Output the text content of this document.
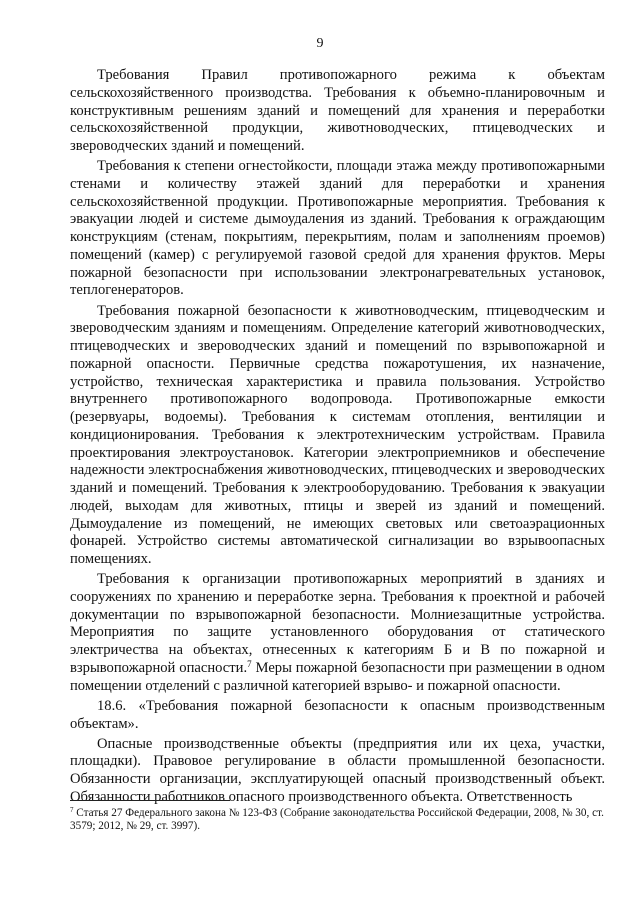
9

Требования Правил противопожарного режима к объектам сельскохозяйственного производства. Требования к объемно-планировочным и конструктивным решениям зданий и помещений для хранения и переработки сельскохозяйственной продукции, животноводческих, птицеводческих и звероводческих зданий и помещений.

Требования к степени огнестойкости, площади этажа между противопожарными стенами и количеству этажей зданий для переработки и хранения сельскохозяйственной продукции. Противопожарные мероприятия. Требования к эвакуации людей и системе дымоудаления из зданий. Требования к ограждающим конструкциям (стенам, покрытиям, перекрытиям, полам и заполнениям проемов) помещений (камер) с регулируемой газовой средой для хранения фруктов. Меры пожарной безопасности при использовании электронагревательных установок, теплогенераторов.

Требования пожарной безопасности к животноводческим, птицеводческим и звероводческим зданиям и помещениям. Определение категорий животноводческих, птицеводческих и звероводческих зданий и помещений по взрывопожарной и пожарной опасности. Первичные средства пожаротушения, их назначение, устройство, техническая характеристика и правила пользования. Устройство внутреннего противопожарного водопровода. Противопожарные емкости (резервуары, водоемы). Требования к системам отопления, вентиляции и кондиционирования. Требования к электротехническим устройствам. Правила проектирования электроустановок. Категории электроприемников и обеспечение надежности электроснабжения животноводческих, птицеводческих и звероводческих зданий и помещений. Требования к электрооборудованию. Требования к эвакуации людей, выходам для животных, птицы и зверей из зданий и помещений. Дымоудаление из помещений, не имеющих световых или светоаэрационных фонарей. Устройство системы автоматической сигнализации во взрывоопасных помещениях.

Требования к организации противопожарных мероприятий в зданиях и сооружениях по хранению и переработке зерна. Требования к проектной и рабочей документации по взрывопожарной безопасности. Молниезащитные устройства. Мероприятия по защите установленного оборудования от статического электричества на объектах, отнесенных к категориям Б и В по пожарной и взрывопожарной опасности.$^7$ Меры пожарной безопасности при размещении в одном помещении отделений с различной категорией взрыво- и пожарной опасности.

18.6. «Требования пожарной безопасности к опасным производственным объектам».

Опасные производственные объекты (предприятия или их цеха, участки, площадки). Правовое регулирование в области промышленной безопасности. Обязанности организации, эксплуатирующей опасный производственный объект. Обязанности работников опасного производственного объекта. Ответственность

$^7$ Статья 27 Федерального закона № 123-ФЗ (Собрание законодательства Российской Федерации, 2008, № 30, ст. 3579; 2012, № 29, ст. 3997).
